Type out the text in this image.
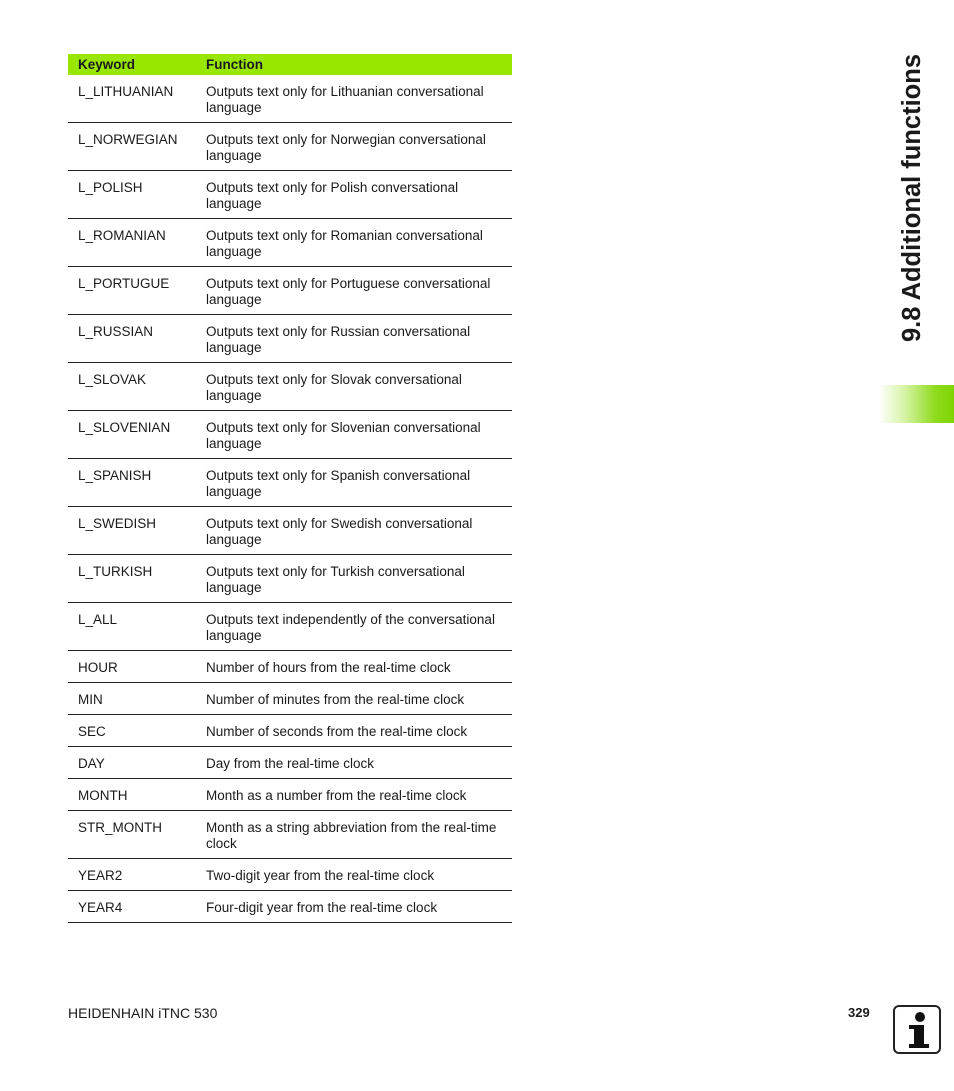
9.8 Additional functions
Keyword	Function
L_LITHUANIAN	Outputs text only for Lithuanian conversational language
L_NORWEGIAN	Outputs text only for Norwegian conversational language
L_POLISH	Outputs text only for Polish conversational language
L_ROMANIAN	Outputs text only for Romanian conversational language
L_PORTUGUE	Outputs text only for Portuguese conversational language
L_RUSSIAN	Outputs text only for Russian conversational language
L_SLOVAK	Outputs text only for Slovak conversational language
L_SLOVENIAN	Outputs text only for Slovenian conversational language
L_SPANISH	Outputs text only for Spanish conversational language
L_SWEDISH	Outputs text only for Swedish conversational language
L_TURKISH	Outputs text only for Turkish conversational language
L_ALL	Outputs text independently of the conversational language
HOUR	Number of hours from the real-time clock
MIN	Number of minutes from the real-time clock
SEC	Number of seconds from the real-time clock
DAY	Day from the real-time clock
MONTH	Month as a number from the real-time clock
STR_MONTH	Month as a string abbreviation from the real-time clock
YEAR2	Two-digit year from the real-time clock
YEAR4	Four-digit year from the real-time clock
HEIDENHAIN iTNC 530	329
